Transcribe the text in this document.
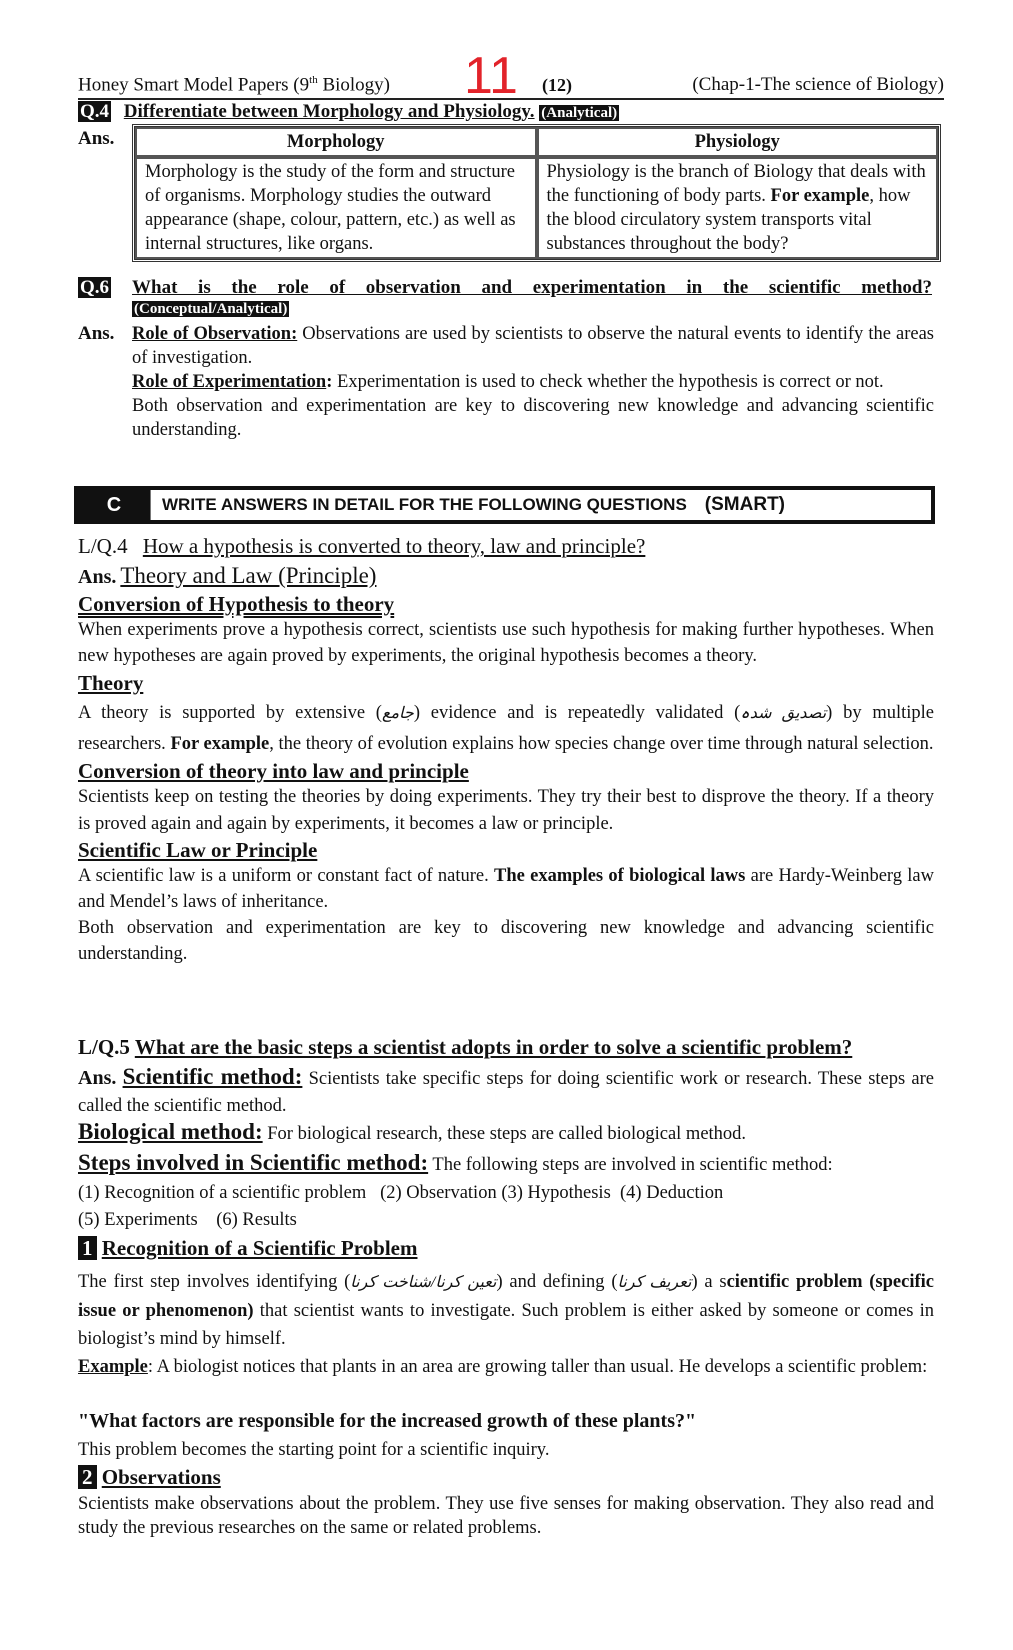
Honey Smart Model Papers (9th Biology) 11 (12)	(Chap-1-The science of Biology)
Q.4 Differentiate between Morphology and Physiology. (Analytical)
Ans.	Morphology	Physiology
Morphology is the study of the form and structure of organisms. Morphology studies the outward appearance (shape, colour, pattern, etc.) as well as internal structures, like organs.	Physiology is the branch of Biology that deals with the functioning of body parts. For example, how the blood circulatory system transports vital substances throughout the body?
Q.6	What is the role of observation and experimentation in the scientific method?
(Conceptual/Analytical)
Ans. Role of Observation: Observations are used by scientists to observe the natural events to identify the areas of investigation.
Role of Experimentation: Experimentation is used to check whether the hypothesis is correct or not.
Both observation and experimentation are key to discovering new knowledge and advancing scientific understanding.
C	WRITE ANSWERS IN DETAIL FOR THE FOLLOWING QUESTIONS (SMART)
L/Q.4 How a hypothesis is converted to theory, law and principle?
Ans. Theory and Law (Principle)
Conversion of Hypothesis to theory
When experiments prove a hypothesis correct, scientists use such hypothesis for making further hypotheses. When new hypotheses are again proved by experiments, the original hypothesis becomes a theory.
Theory
A theory is supported by extensive (جامع) evidence and is repeatedly validated (تصدیق شدہ) by multiple researchers. For example, the theory of evolution explains how species change over time through natural selection.
Conversion of theory into law and principle
Scientists keep on testing the theories by doing experiments. They try their best to disprove the theory. If a theory is proved again and again by experiments, it becomes a law or principle.
Scientific Law or Principle
A scientific law is a uniform or constant fact of nature. The examples of biological laws are Hardy-Weinberg law and Mendel’s laws of inheritance.
Both observation and experimentation are key to discovering new knowledge and advancing scientific understanding.
L/Q.5 What are the basic steps a scientist adopts in order to solve a scientific problem?
Ans. Scientific method: Scientists take specific steps for doing scientific work or research. These steps are called the scientific method.
Biological method: For biological research, these steps are called biological method.
Steps involved in Scientific method: The following steps are involved in scientific method:
(1) Recognition of a scientific problem   (2) Observation (3) Hypothesis  (4) Deduction
(5) Experiments    (6) Results
1 Recognition of a Scientific Problem
The first step involves identifying (تعین کرنا/شناخت کرنا) and defining (تعریف کرنا) a scientific problem (specific issue or phenomenon) that scientist wants to investigate. Such problem is either asked by someone or comes in biologist’s mind by himself.
Example: A biologist notices that plants in an area are growing taller than usual. He develops a scientific problem:
"What factors are responsible for the increased growth of these plants?"
This problem becomes the starting point for a scientific inquiry.
2 Observations
Scientists make observations about the problem. They use five senses for making observation. They also read and study the previous researches on the same or related problems.
